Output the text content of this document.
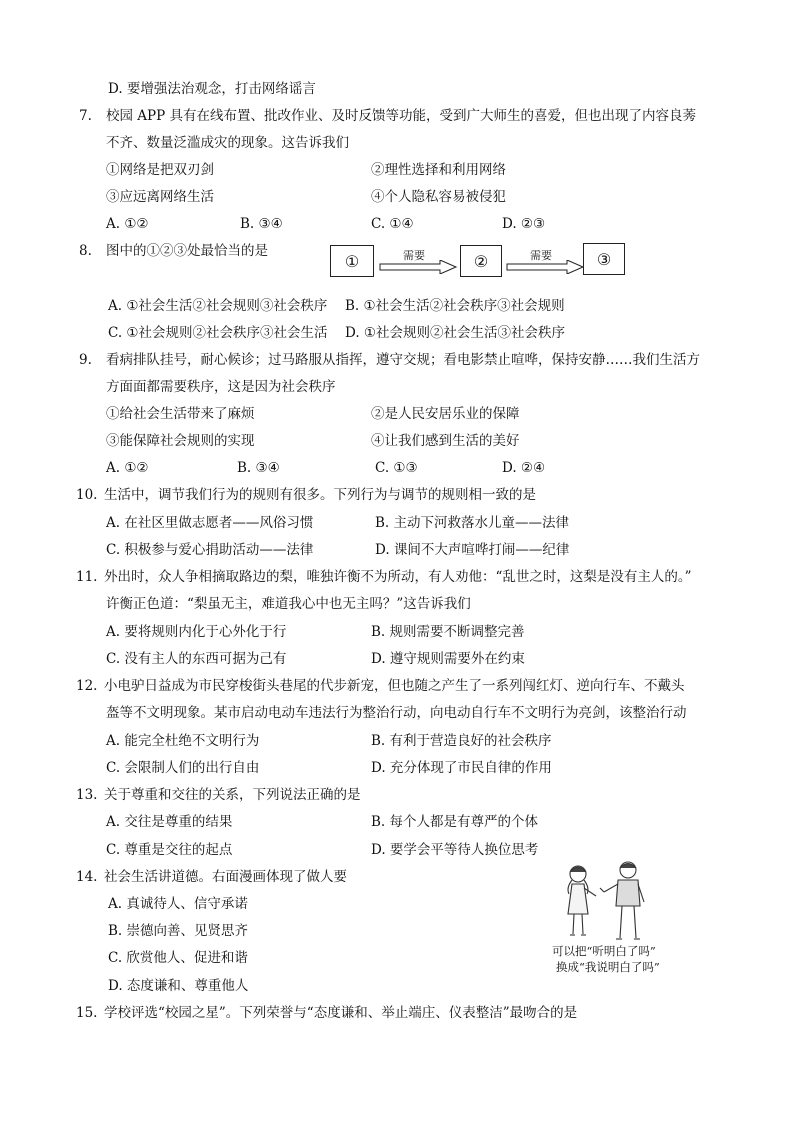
D. 要增强法治观念，打击网络谣言
7. 校园 APP 具有在线布置、批改作业、及时反馈等功能，受到广大师生的喜爱，但也出现了内容良莠
不齐、数量泛滥成灾的现象。这告诉我们
①网络是把双刃剑	②理性选择和利用网络
③应远离网络生活	④个人隐私容易被侵犯
A. ①②	B. ③④	C. ①④	D. ②③
8. 图中的①②③处最恰当的是
①	需要	②	需要	③
A. ①社会生活②社会规则③社会秩序 B. ①社会生活②社会秩序③社会规则
C. ①社会规则②社会秩序③社会生活 D. ①社会规则②社会生活③社会秩序
9. 看病排队挂号，耐心候诊；过马路服从指挥，遵守交规；看电影禁止喧哗，保持安静……我们生活方
方面面都需要秩序，这是因为社会秩序
①给社会生活带来了麻烦	②是人民安居乐业的保障
③能保障社会规则的实现	④让我们感到生活的美好
A. ①②	B. ③④	C. ①③	D. ②④
10. 生活中，调节我们行为的规则有很多。下列行为与调节的规则相一致的是
A. 在社区里做志愿者——风俗习惯	B. 主动下河救落水儿童——法律
C. 积极参与爱心捐助活动——法律	D. 课间不大声喧哗打闹——纪律
11. 外出时，众人争相摘取路边的梨，唯独许衡不为所动，有人劝他：“乱世之时，这梨是没有主人的。”
许衡正色道：“梨虽无主，难道我心中也无主吗？”这告诉我们
A. 要将规则内化于心外化于行	B. 规则需要不断调整完善
C. 没有主人的东西可据为己有	D. 遵守规则需要外在约束
12. 小电驴日益成为市民穿梭街头巷尾的代步新宠，但也随之产生了一系列闯红灯、逆向行车、不戴头
盔等不文明现象。某市启动电动车违法行为整治行动，向电动自行车不文明行为亮剑，该整治行动
A. 能完全杜绝不文明行为	B. 有利于营造良好的社会秩序
C. 会限制人们的出行自由	D. 充分体现了市民自律的作用
13. 关于尊重和交往的关系，下列说法正确的是
A. 交往是尊重的结果	B. 每个人都是有尊严的个体
C. 尊重是交往的起点	D. 要学会平等待人换位思考
14. 社会生活讲道德。右面漫画体现了做人要
A. 真诚待人、信守承诺
B. 崇德向善、见贤思齐
C. 欣赏他人、促进和谐
D. 态度谦和、尊重他人
可以把“听明白了吗”
换成“我说明白了吗”
15. 学校评选“校园之星”。下列荣誉与“态度谦和、举止端庄、仪表整洁”最吻合的是
